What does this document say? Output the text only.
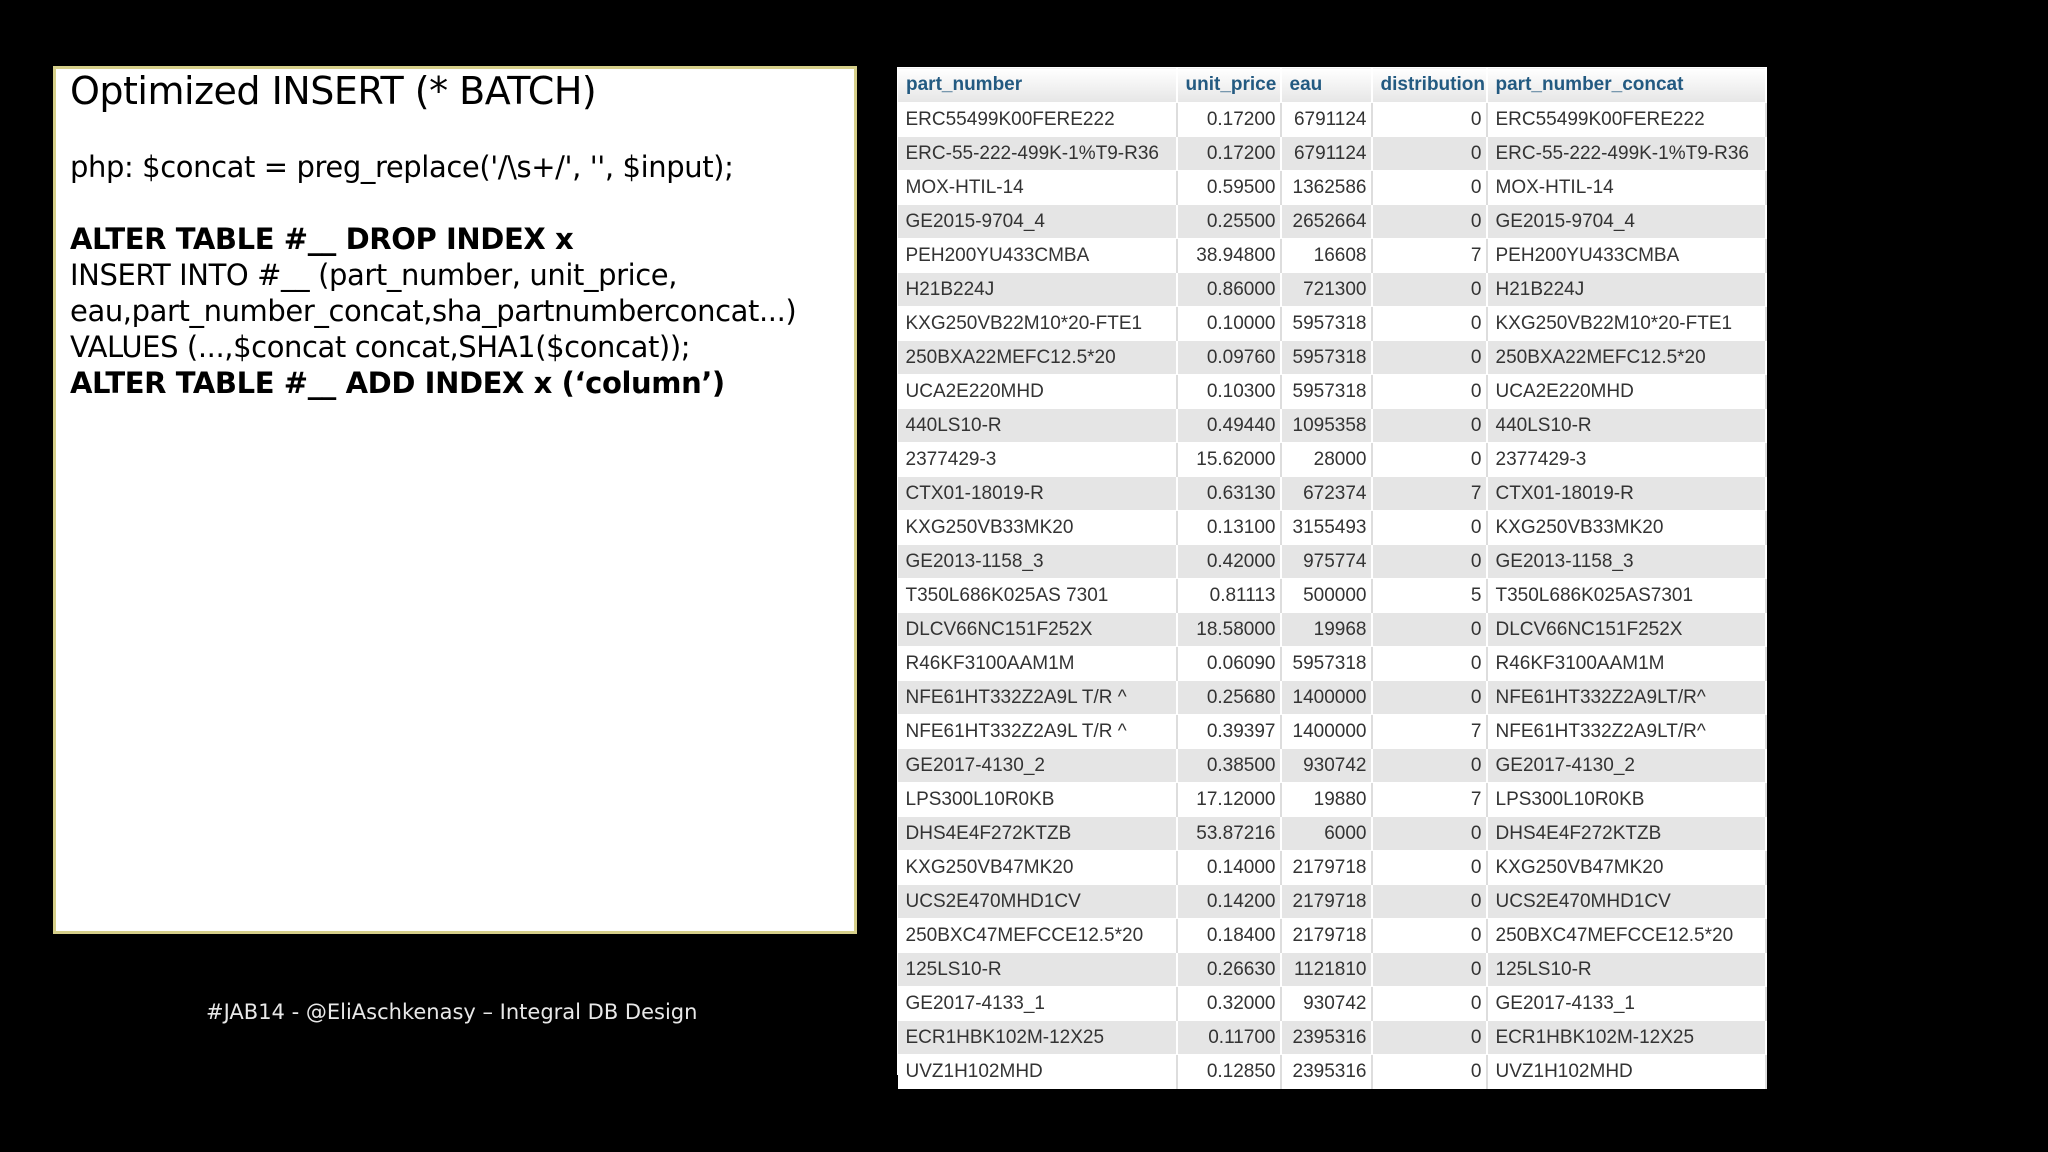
Optimized INSERT (* BATCH)
php: $concat = preg_replace('/\s+/', '', $input);
ALTER TABLE #__ DROP INDEX x
INSERT INTO #__ (part_number, unit_price,
eau,part_number_concat,sha_partnumberconcat...)
VALUES (...,$concat concat,SHA1($concat));
ALTER TABLE #__ ADD INDEX x (‘column’)
#JAB14 - @EliAschkenasy – Integral DB Design
part_number	unit_price	eau	distribution	part_number_concat
ERC55499K00FERE222	0.17200	6791124	0	ERC55499K00FERE222
ERC-55-222-499K-1%T9-R36	0.17200	6791124	0	ERC-55-222-499K-1%T9-R36
MOX-HTIL-14	0.59500	1362586	0	MOX-HTIL-14
GE2015-9704_4	0.25500	2652664	0	GE2015-9704_4
PEH200YU433CMBA	38.94800	16608	7	PEH200YU433CMBA
H21B224J	0.86000	721300	0	H21B224J
KXG250VB22M10*20-FTE1	0.10000	5957318	0	KXG250VB22M10*20-FTE1
250BXA22MEFC12.5*20	0.09760	5957318	0	250BXA22MEFC12.5*20
UCA2E220MHD	0.10300	5957318	0	UCA2E220MHD
440LS10-R	0.49440	1095358	0	440LS10-R
2377429-3	15.62000	28000	0	2377429-3
CTX01-18019-R	0.63130	672374	7	CTX01-18019-R
KXG250VB33MK20	0.13100	3155493	0	KXG250VB33MK20
GE2013-1158_3	0.42000	975774	0	GE2013-1158_3
T350L686K025AS 7301	0.81113	500000	5	T350L686K025AS7301
DLCV66NC151F252X	18.58000	19968	0	DLCV66NC151F252X
R46KF3100AAM1M	0.06090	5957318	0	R46KF3100AAM1M
NFE61HT332Z2A9L T/R ^	0.25680	1400000	0	NFE61HT332Z2A9LT/R^
NFE61HT332Z2A9L T/R ^	0.39397	1400000	7	NFE61HT332Z2A9LT/R^
GE2017-4130_2	0.38500	930742	0	GE2017-4130_2
LPS300L10R0KB	17.12000	19880	7	LPS300L10R0KB
DHS4E4F272KTZB	53.87216	6000	0	DHS4E4F272KTZB
KXG250VB47MK20	0.14000	2179718	0	KXG250VB47MK20
UCS2E470MHD1CV	0.14200	2179718	0	UCS2E470MHD1CV
250BXC47MEFCCE12.5*20	0.18400	2179718	0	250BXC47MEFCCE12.5*20
125LS10-R	0.26630	1121810	0	125LS10-R
GE2017-4133_1	0.32000	930742	0	GE2017-4133_1
ECR1HBK102M-12X25	0.11700	2395316	0	ECR1HBK102M-12X25
UVZ1H102MHD	0.12850	2395316	0	UVZ1H102MHD
